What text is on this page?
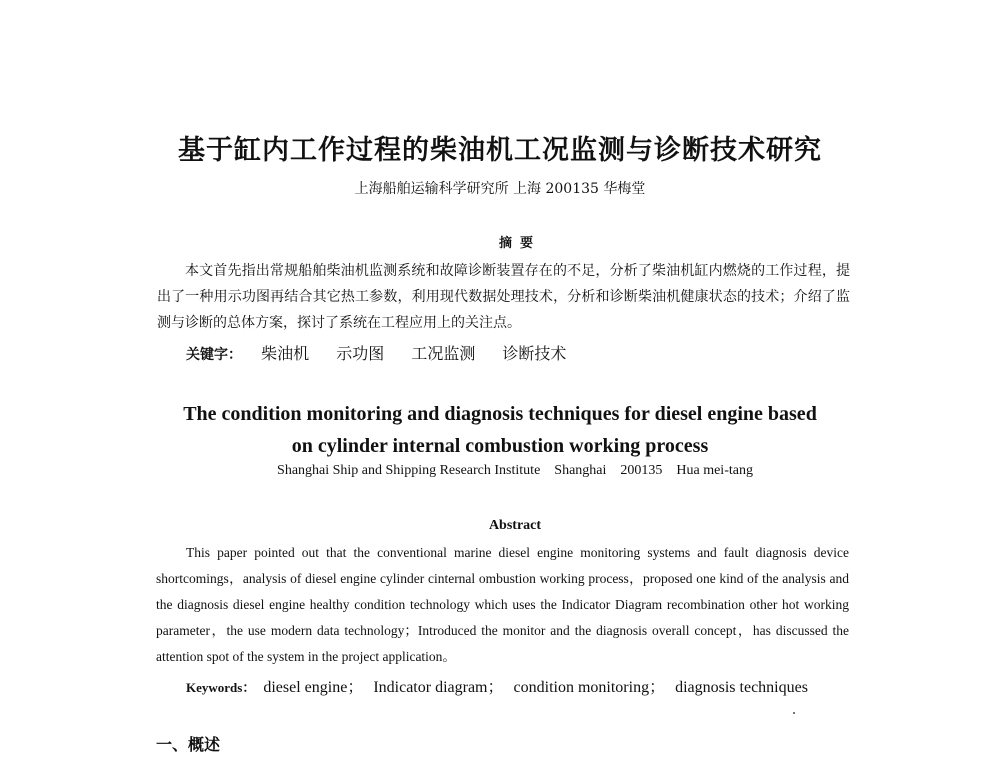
基于缸内工作过程的柴油机工况监测与诊断技术研究
上海船舶运输科学研究所 上海 200135 华梅堂
摘要
本文首先指出常规船舶柴油机监测系统和故障诊断装置存在的不足，分析了柴油机缸内燃烧的工作过程，提出了一种用示功图再结合其它热工参数，利用现代数据处理技术，分析和诊断柴油机健康状态的技术；介绍了监测与诊断的总体方案，探讨了系统在工程应用上的关注点。
关键字： 柴油机 示功图 工况监测 诊断技术
The condition monitoring and diagnosis techniques for diesel engine based
on cylinder internal combustion working process
Shanghai Ship and Shipping Research Institute    Shanghai    200135    Hua mei-tang
Abstract
This paper pointed out that the conventional marine diesel engine monitoring systems and fault diagnosis device shortcomings，analysis of diesel engine cylinder cinternal ombustion working process，proposed one kind of the analysis and the diagnosis diesel engine healthy condition technology which uses the Indicator Diagram recombination other hot working parameter，the use modern data technology；Introduced the monitor and the diagnosis overall concept，has discussed the attention spot of the system in the project application。
Keywords： diesel engine； Indicator diagram； condition monitoring； diagnosis techniques
一、概述
